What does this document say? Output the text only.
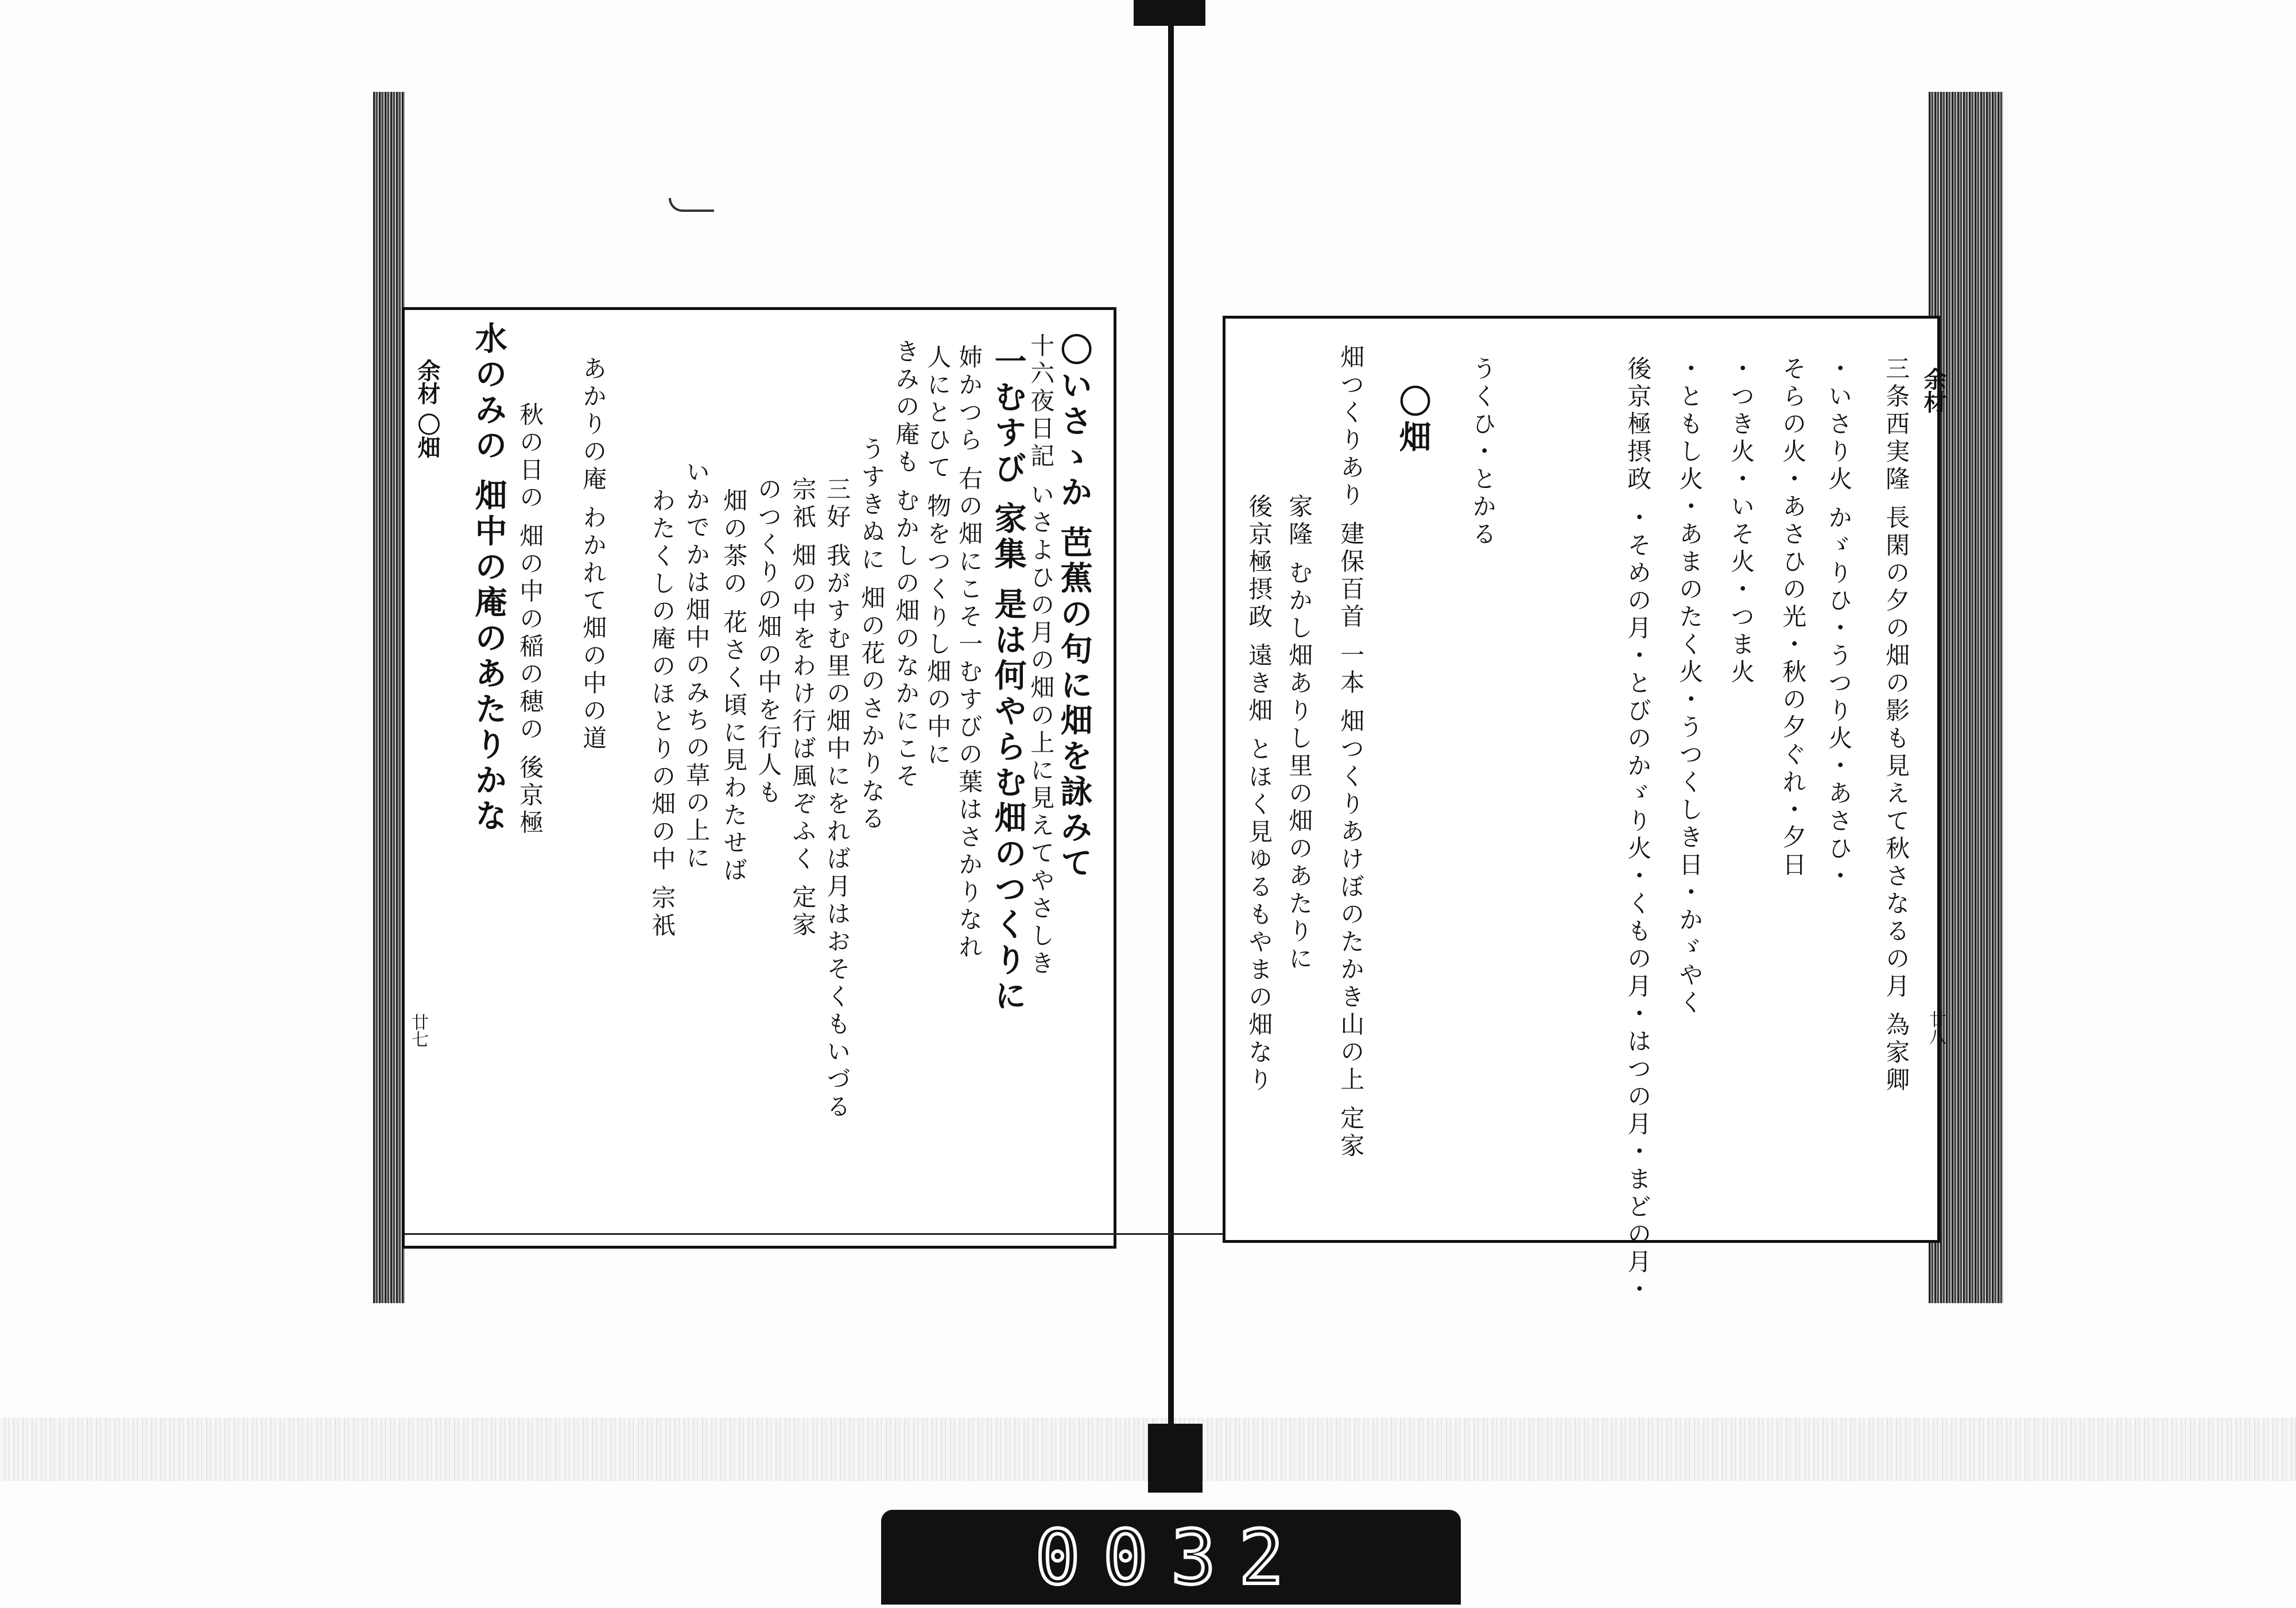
余材 〇畑
廿七
〇いさゝか 芭蕉の句に畑を詠みて
十六夜日記 いさよひの月の畑の上に見えてやさしき
一むすび 家集 是は何やらむ畑のつくりに
姉かつら 右の畑にこそ一むすびの葉はさかりなれ
人にとひて 物をつくりし畑の中に
きみの庵も むかしの畑のなかにこそ
うすきぬに 畑の花のさかりなる
三好 我がすむ里の畑中にをれば月はおそくもいづる
宗祇 畑の中をわけ行ば風ぞふく 定家
のつくりの畑の中を行人も
畑の茶の 花さく頃に見わたせば
いかでかは畑中のみちの草の上に
わたくしの庵のほとりの畑の中 宗祇
あかりの庵 わかれて畑の中の道
秋の日の 畑の中の稲の穂の 後京極
水のみの 畑中の庵のあたりかな	余材
廿八
三条西実隆 長閑の夕の畑の影も見えて秋さなるの月 為家卿
・いさり火 かゞりひ・うつり火・あさひ・
そらの火・あさひの光・秋の夕ぐれ・夕日
・つき火・いそ火・つま火
・ともし火・あまのたく火・うつくしき日・かゞやく
後京極摂政 ・そめの月・とびのかゞり火・くもの月・はつの月・まどの月・
うくひ・とかる
〇畑
畑つくりあり 建保百首 一本 畑つくりあけぼのたかき山の上 定家
家隆 むかし畑ありし里の畑のあたりに
後京極摂政 遠き畑 とほく見ゆるもやまの畑なり
0032
